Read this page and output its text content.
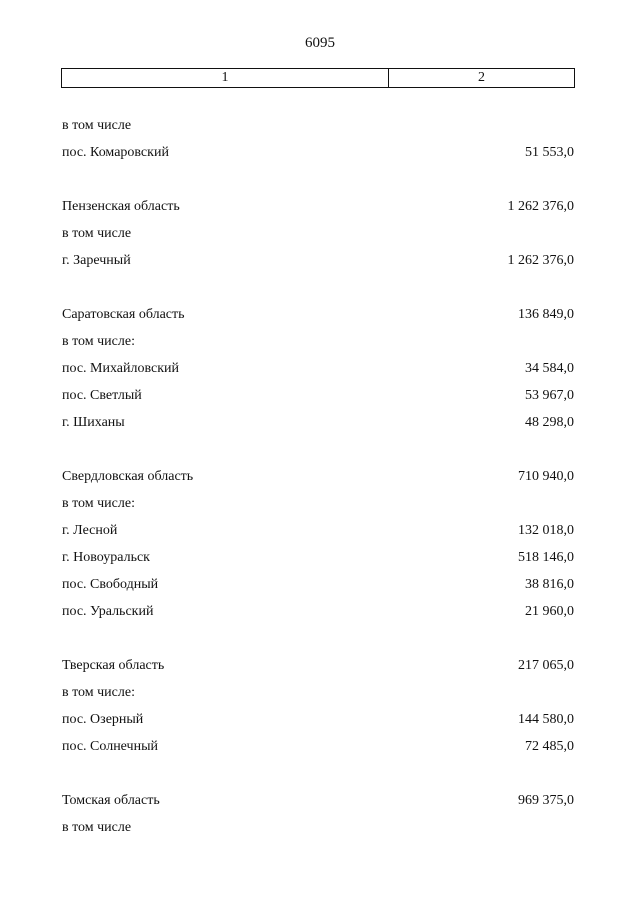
6095
1	2
в том числе
пос. Комаровский	51 553,0
Пензенская область	1 262 376,0
в том числе
г. Заречный	1 262 376,0
Саратовская область	136 849,0
в том числе:
пос. Михайловский	34 584,0
пос. Светлый	53 967,0
г. Шиханы	48 298,0
Свердловская область	710 940,0
в том числе:
г. Лесной	132 018,0
г. Новоуральск	518 146,0
пос. Свободный	38 816,0
пос. Уральский	21 960,0
Тверская область	217 065,0
в том числе:
пос. Озерный	144 580,0
пос. Солнечный	72 485,0
Томская область	969 375,0
в том числе
